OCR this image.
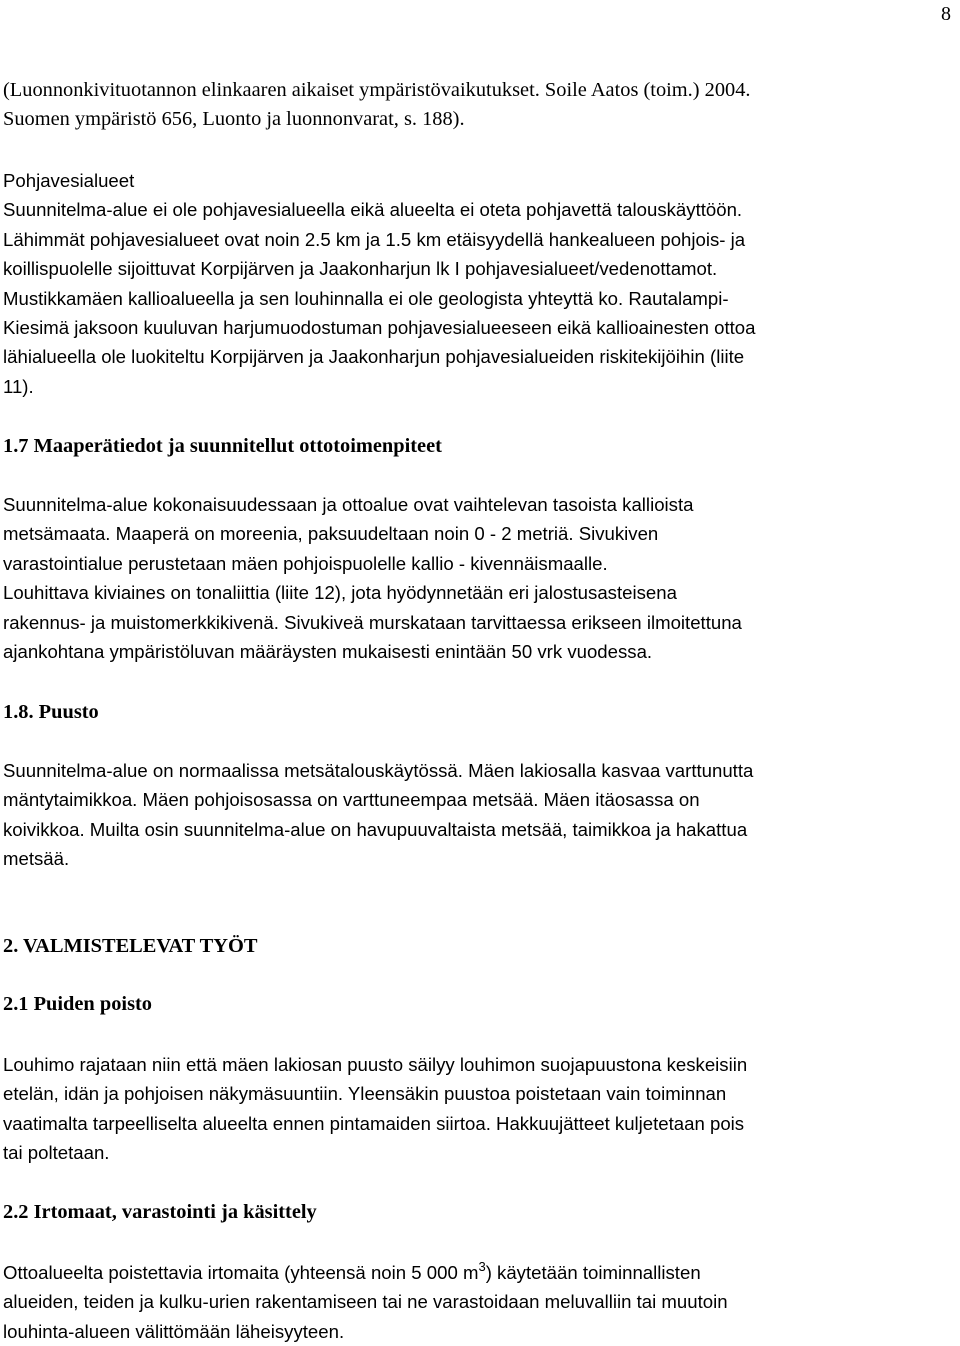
8
(Luonnonkivituotannon elinkaaren aikaiset ympäristövaikutukset. Soile Aatos (toim.) 2004.
Suomen ympäristö 656, Luonto ja luonnonvarat, s. 188).
Pohjavesialueet
Suunnitelma-alue ei ole pohjavesialueella eikä alueelta ei oteta pohjavettä talouskäyttöön.
Lähimmät pohjavesialueet ovat noin 2.5 km ja 1.5 km etäisyydellä hankealueen pohjois- ja
koillispuolelle sijoittuvat Korpijärven ja Jaakonharjun lk I pohjavesialueet/vedenottamot.
Mustikkamäen kallioalueella ja sen louhinnalla ei ole geologista yhteyttä ko. Rautalampi-
Kiesimä jaksoon kuuluvan harjumuodostuman pohjavesialueeseen eikä kallioainesten ottoa
lähialueella ole luokiteltu Korpijärven ja Jaakonharjun pohjavesialueiden riskitekijöihin (liite
11).
1.7 Maaperätiedot ja suunnitellut ottotoimenpiteet
Suunnitelma-alue kokonaisuudessaan ja ottoalue ovat vaihtelevan tasoista kallioista
metsämaata. Maaperä on moreenia, paksuudeltaan noin 0 - 2 metriä. Sivukiven
varastointialue perustetaan mäen pohjoispuolelle kallio - kivennäismaalle.
Louhittava kiviaines on tonaliittia (liite 12), jota hyödynnetään eri jalostusasteisena
rakennus- ja muistomerkkikivenä. Sivukiveä murskataan tarvittaessa erikseen ilmoitettuna
ajankohtana ympäristöluvan määräysten mukaisesti enintään 50 vrk vuodessa.
1.8. Puusto
Suunnitelma-alue on normaalissa metsätalouskäytössä. Mäen lakiosalla kasvaa varttunutta
mäntytaimikkoa. Mäen pohjoisosassa on varttuneempaa metsää. Mäen itäosassa on
koivikkoa. Muilta osin suunnitelma-alue on havupuuvaltaista metsää, taimikkoa ja hakattua
metsää.
2. VALMISTELEVAT TYÖT
2.1 Puiden poisto
Louhimo rajataan niin että mäen lakiosan puusto säilyy louhimon suojapuustona keskeisiin
etelän, idän ja pohjoisen näkymäsuuntiin. Yleensäkin puustoa poistetaan vain toiminnan
vaatimalta tarpeelliselta alueelta ennen pintamaiden siirtoa. Hakkuujätteet kuljetetaan pois
tai poltetaan.
2.2 Irtomaat, varastointi ja käsittely
Ottoalueelta poistettavia irtomaita (yhteensä noin 5 000 $m^3$) käytetään toiminnallisten
alueiden, teiden ja kulku-urien rakentamiseen tai ne varastoidaan meluvalliin tai muutoin
louhinta-alueen välittömään läheisyyteen.
